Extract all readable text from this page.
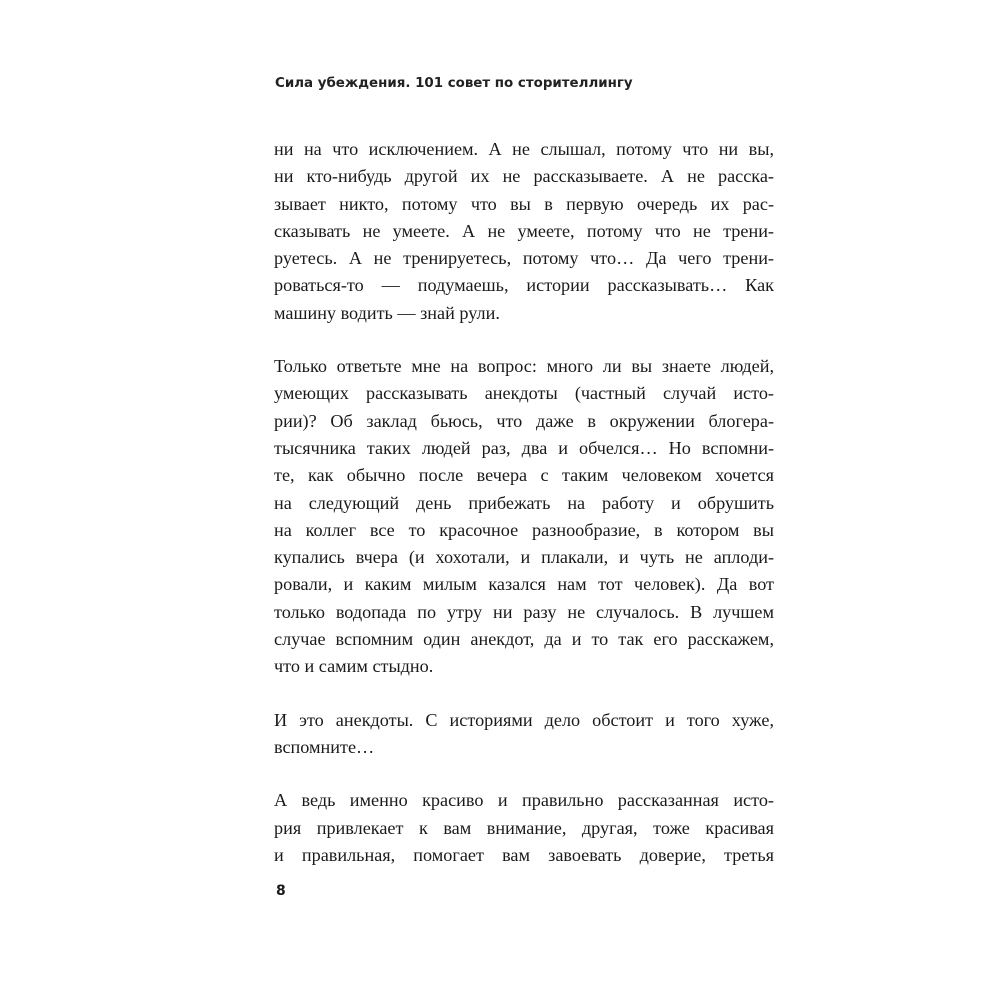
Сила убеждения. 101 совет по сторителлингу

ни на что исключением. А не слышал, потому что ни вы,
ни кто-нибудь другой их не рассказываете. А не расска-
зывает никто, потому что вы в первую очередь их рас-
сказывать не умеете. А не умеете, потому что не трени-
руетесь. А не тренируетесь, потому что… Да чего трени-
роваться-то — подумаешь, истории рассказывать… Как
машину водить — знай рули.

Только ответьте мне на вопрос: много ли вы знаете людей,
умеющих рассказывать анекдоты (частный случай исто-
рии)? Об заклад бьюсь, что даже в окружении блогера-
тысячника таких людей раз, два и обчелся… Но вспомни-
те, как обычно после вечера с таким человеком хочется
на следующий день прибежать на работу и обрушить
на коллег все то красочное разнообразие, в котором вы
купались вчера (и хохотали, и плакали, и чуть не аплоди-
ровали, и каким милым казался нам тот человек). Да вот
только водопада по утру ни разу не случалось. В лучшем
случае вспомним один анекдот, да и то так его расскажем,
что и самим стыдно.

И это анекдоты. С историями дело обстоит и того хуже,
вспомните…

А ведь именно красиво и правильно рассказанная исто-
рия привлекает к вам внимание, другая, тоже красивая
и правильная, помогает вам завоевать доверие, третья

8
